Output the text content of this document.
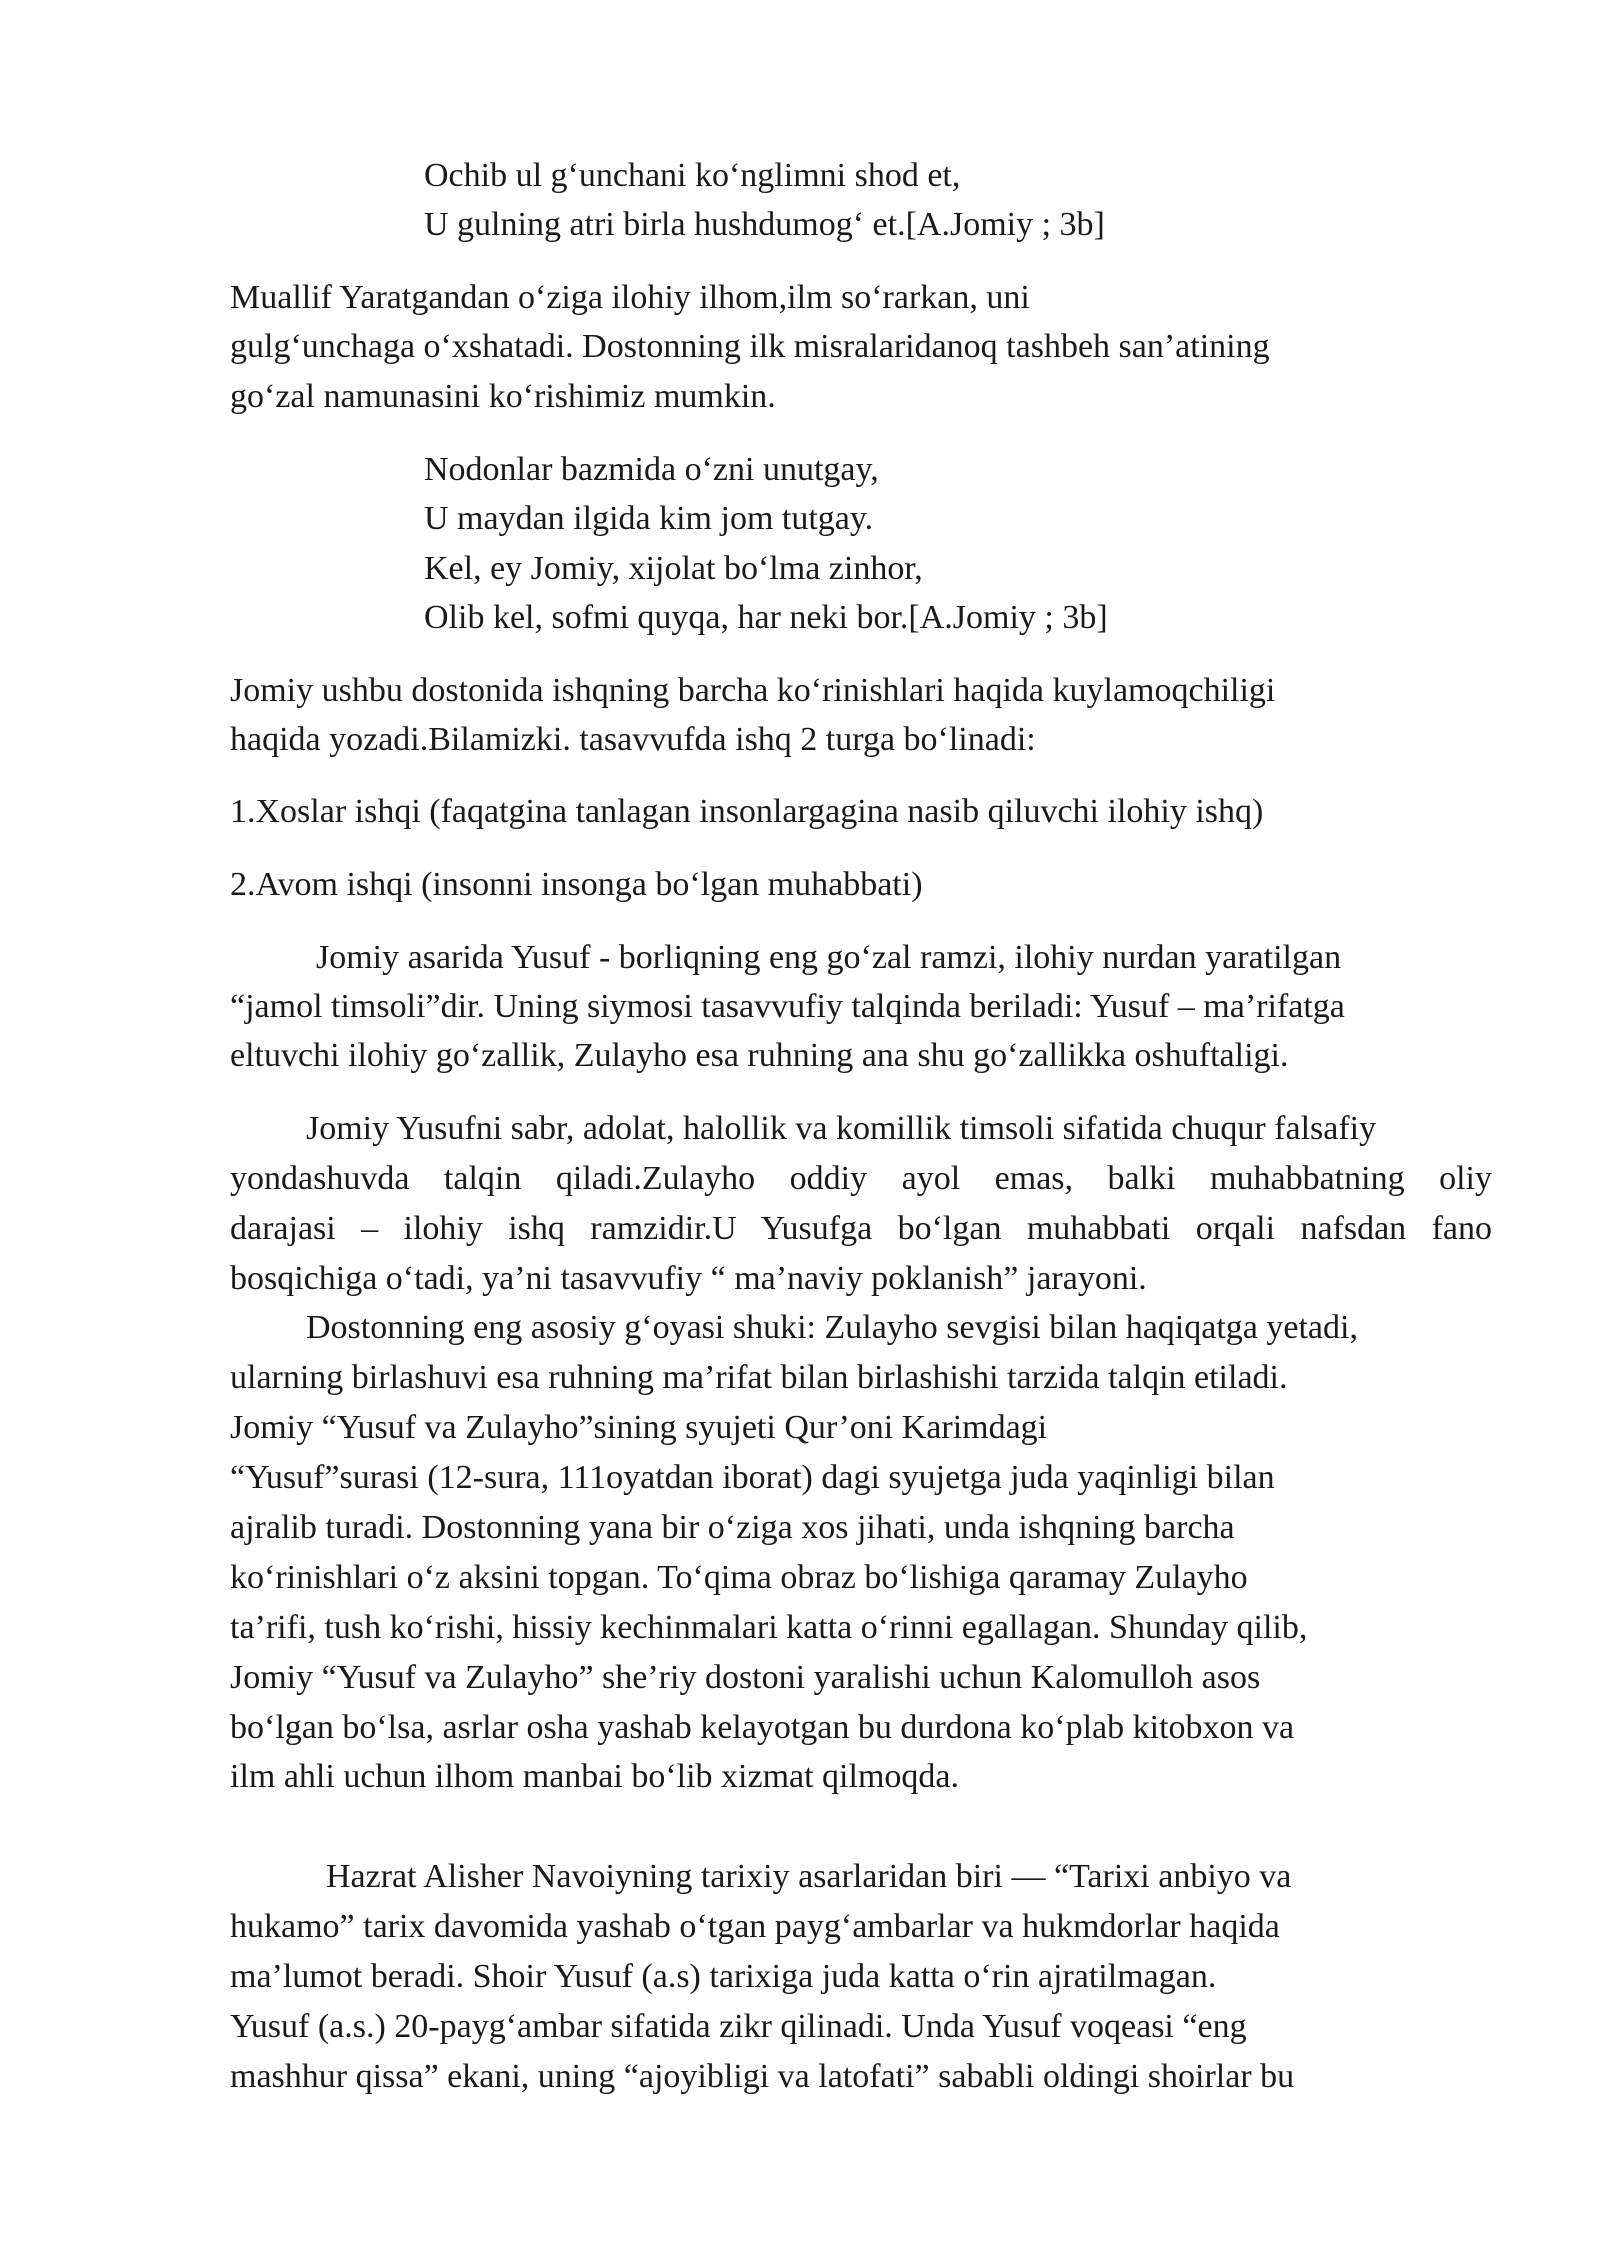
Ochib ul g‘unchani ko‘nglimni shod et,
U gulning atri birla hushdumog‘ et.[A.Jomiy ; 3b]
Muallif Yaratgandan o‘ziga ilohiy ilhom,ilm so‘rarkan, uni
gulg‘unchaga o‘xshatadi. Dostonning ilk misralaridanoq tashbeh san’atining
go‘zal namunasini ko‘rishimiz mumkin.
Nodonlar bazmida o‘zni unutgay,
U maydan ilgida kim jom tutgay.
Kel, ey Jomiy, xijolat bo‘lma zinhor,
Olib kel, sofmi quyqa, har neki bor.[A.Jomiy ; 3b]
Jomiy ushbu dostonida ishqning barcha ko‘rinishlari haqida kuylamoqchiligi
haqida yozadi.Bilamizki. tasavvufda ishq 2 turga bo‘linadi:
1.Xoslar ishqi (faqatgina tanlagan insonlargagina nasib qiluvchi ilohiy ishq)
2.Avom ishqi (insonni insonga bo‘lgan muhabbati)
Jomiy asarida Yusuf - borliqning eng go‘zal ramzi, ilohiy nurdan yaratilgan
“jamol timsoli”dir. Uning siymosi tasavvufiy talqinda beriladi: Yusuf – ma’rifatga
eltuvchi ilohiy go‘zallik, Zulayho esa ruhning ana shu go‘zallikka oshuftaligi.
Jomiy Yusufni sabr, adolat, halollik va komillik timsoli sifatida chuqur falsafiy
yondashuvda talqin qiladi.Zulayho oddiy ayol emas, balki muhabbatning oliy
darajasi – ilohiy ishq ramzidir.U Yusufga bo‘lgan muhabbati orqali nafsdan fano
bosqichiga o‘tadi, ya’ni tasavvufiy “ ma’naviy poklanish” jarayoni.
Dostonning eng asosiy g‘oyasi shuki: Zulayho sevgisi bilan haqiqatga yetadi,
ularning birlashuvi esa ruhning ma’rifat bilan birlashishi tarzida talqin etiladi.
Jomiy “Yusuf va Zulayho”sining syujeti Qur’oni Karimdagi
“Yusuf”surasi (12-sura, 111oyatdan iborat) dagi syujetga juda yaqinligi bilan
ajralib turadi. Dostonning yana bir o‘ziga xos jihati, unda ishqning barcha
ko‘rinishlari o‘z aksini topgan. To‘qima obraz bo‘lishiga qaramay Zulayho
ta’rifi, tush ko‘rishi, hissiy kechinmalari katta o‘rinni egallagan. Shunday qilib,
Jomiy “Yusuf va Zulayho” she’riy dostoni yaralishi uchun Kalomulloh asos
bo‘lgan bo‘lsa, asrlar osha yashab kelayotgan bu durdona ko‘plab kitobxon va
ilm ahli uchun ilhom manbai bo‘lib xizmat qilmoqda.
Hazrat Alisher Navoiyning tarixiy asarlaridan biri — “Tarixi anbiyo va
hukamo” tarix davomida yashab o‘tgan payg‘ambarlar va hukmdorlar haqida
ma’lumot beradi. Shoir Yusuf (a.s) tarixiga juda katta o‘rin ajratilmagan.
Yusuf (a.s.) 20-payg‘ambar sifatida zikr qilinadi. Unda Yusuf voqeasi “eng
mashhur qissa” ekani, uning “ajoyibligi va latofati” sababli oldingi shoirlar bu
